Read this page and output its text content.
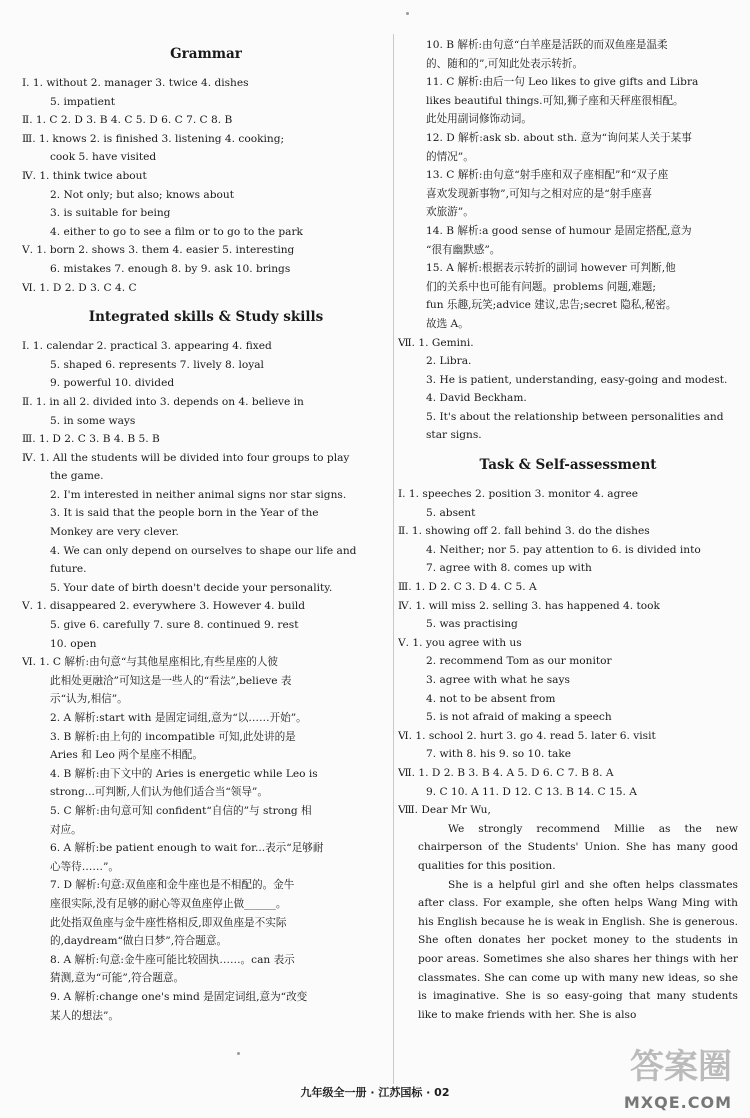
Grammar
Ⅰ. 1. without 2. manager 3. twice 4. dishes
5. impatient
Ⅱ. 1. C 2. D 3. B 4. C 5. D 6. C 7. C 8. B
Ⅲ. 1. knows 2. is finished 3. listening 4. cooking;
cook 5. have visited
Ⅳ. 1. think twice about
2. Not only; but also; knows about
3. is suitable for being
4. either to go to see a film or to go to the park
Ⅴ. 1. born 2. shows 3. them 4. easier 5. interesting
6. mistakes 7. enough 8. by 9. ask 10. brings
Ⅵ. 1. D 2. D 3. C 4. C
Integrated skills & Study skills
Ⅰ. 1. calendar 2. practical 3. appearing 4. fixed
5. shaped 6. represents 7. lively 8. loyal
9. powerful 10. divided
Ⅱ. 1. in all 2. divided into 3. depends on 4. believe in
5. in some ways
Ⅲ. 1. D 2. C 3. B 4. B 5. B
Ⅳ. 1. All the students will be divided into four groups to play
the game.
2. I'm interested in neither animal signs nor star signs.
3. It is said that the people born in the Year of the
Monkey are very clever.
4. We can only depend on ourselves to shape our life and
future.
5. Your date of birth doesn't decide your personality.
Ⅴ. 1. disappeared 2. everywhere 3. However 4. build
5. give 6. carefully 7. sure 8. continued 9. rest
10. open
Ⅵ. 1. C 解析:由句意“与其他星座相比,有些星座的人彼
此相处更融洽”可知这是一些人的“看法”,believe 表
示“认为,相信”。
2. A 解析:start with 是固定词组,意为“以……开始”。
3. B 解析:由上句的 incompatible 可知,此处讲的是
Aries 和 Leo 两个星座不相配。
4. B 解析:由下文中的 Aries is energetic while Leo is
strong...可判断,人们认为他们适合当“领导”。
5. C 解析:由句意可知 confident“自信的”与 strong 相
对应。
6. A 解析:be patient enough to wait for...表示“足够耐
心等待……”。
7. D 解析:句意:双鱼座和金牛座也是不相配的。金牛
座很实际,没有足够的耐心等双鱼座停止做______。
此处指双鱼座与金牛座性格相反,即双鱼座是不实际
的,daydream“做白日梦”,符合题意。
8. A 解析:句意:金牛座可能比较固执……。can 表示
猜测,意为“可能”,符合题意。
9. A 解析:change one's mind 是固定词组,意为“改变
某人的想法”。
10. B 解析:由句意“白羊座是活跃的而双鱼座是温柔
的、随和的”,可知此处表示转折。
11. C 解析:由后一句 Leo likes to give gifts and Libra
likes beautiful things.可知,狮子座和天秤座很相配。
此处用副词修饰动词。
12. D 解析:ask sb. about sth. 意为“询问某人关于某事
的情况”。
13. C 解析:由句意“射手座和双子座相配”和“双子座
喜欢发现新事物”,可知与之相对应的是“射手座喜
欢旅游”。
14. B 解析:a good sense of humour 是固定搭配,意为
“很有幽默感”。
15. A 解析:根据表示转折的副词 however 可判断,他
们的关系中也可能有问题。problems 问题,难题;
fun 乐趣,玩笑;advice 建议,忠告;secret 隐私,秘密。
故选 A。
Ⅶ. 1. Gemini.
2. Libra.
3. He is patient, understanding, easy-going and modest.
4. David Beckham.
5. It's about the relationship between personalities and
star signs.
Task & Self-assessment
Ⅰ. 1. speeches 2. position 3. monitor 4. agree
5. absent
Ⅱ. 1. showing off 2. fall behind 3. do the dishes
4. Neither; nor 5. pay attention to 6. is divided into
7. agree with 8. comes up with
Ⅲ. 1. D 2. C 3. D 4. C 5. A
Ⅳ. 1. will miss 2. selling 3. has happened 4. took
5. was practising
Ⅴ. 1. you agree with us
2. recommend Tom as our monitor
3. agree with what he says
4. not to be absent from
5. is not afraid of making a speech
Ⅵ. 1. school 2. hurt 3. go 4. read 5. later 6. visit
7. with 8. his 9. so 10. take
Ⅶ. 1. D 2. B 3. B 4. A 5. D 6. C 7. B 8. A
9. C 10. A 11. D 12. C 13. B 14. C 15. A
Ⅷ. Dear Mr Wu,
We strongly recommend Millie as the new chairperson of the Students' Union. She has many good qualities for this position.
She is a helpful girl and she often helps classmates after class. For example, she often helps Wang Ming with his English because he is weak in English. She is generous. She often donates her pocket money to the students in poor areas. Sometimes she also shares her things with her classmates. She can come up with many new ideas, so she is imaginative. She is so easy-going that many students like to make friends with her. She is also
九年级全一册 · 江苏国标 · 02
答案圈
MXQE.COM
